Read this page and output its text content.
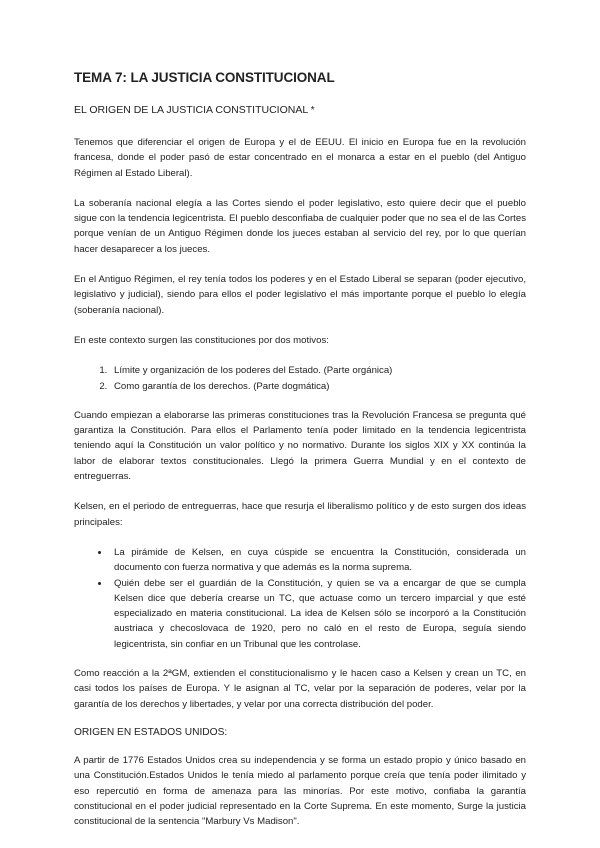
TEMA 7: LA JUSTICIA CONSTITUCIONAL
EL ORIGEN DE LA JUSTICIA CONSTITUCIONAL *

Tenemos que diferenciar el origen de Europa y el de EEUU. El inicio en Europa fue en la revolución francesa, donde el poder pasó de estar concentrado en el monarca a estar en el pueblo (del Antiguo Régimen al Estado Liberal).

La soberanía nacional elegía a las Cortes siendo el poder legislativo, esto quiere decir que el pueblo sigue con la tendencia legicentrista. El pueblo desconfiaba de cualquier poder que no sea el de las Cortes porque venían de un Antiguo Régimen donde los jueces estaban al servicio del rey, por lo que querían hacer desaparecer a los jueces.

En el Antiguo Régimen, el rey tenía todos los poderes y en el Estado Liberal se separan (poder ejecutivo, legislativo y judicial), siendo para ellos el poder legislativo el más importante porque el pueblo lo elegía (soberanía nacional).

En este contexto surgen las constituciones por dos motivos:

1. Límite y organización de los poderes del Estado. (Parte orgánica)
2. Como garantía de los derechos. (Parte dogmática)

Cuando empiezan a elaborarse las primeras constituciones tras la Revolución Francesa se pregunta qué garantiza la Constitución. Para ellos el Parlamento tenía poder limitado en la tendencia legicentrista teniendo aquí la Constitución un valor político y no normativo. Durante los siglos XIX y XX continúa la labor de elaborar textos constitucionales. Llegó la primera Guerra Mundial y en el contexto de entreguerras.

Kelsen, en el periodo de entreguerras, hace que resurja el liberalismo político y de esto surgen dos ideas principales:

• La pirámide de Kelsen, en cuya cúspide se encuentra la Constitución, considerada un documento con fuerza normativa y que además es la norma suprema.
• Quién debe ser el guardián de la Constitución, y quien se va a encargar de que se cumpla Kelsen dice que debería crearse un TC, que actuase como un tercero imparcial y que esté especializado en materia constitucional. La idea de Kelsen sólo se incorporó a la Constitución austriaca y checoslovaca de 1920, pero no caló en el resto de Europa, seguía siendo legicentrista, sin confiar en un Tribunal que les controlase.

Como reacción a la 2ªGM, extienden el constitucionalismo y le hacen caso a Kelsen y crean un TC, en casi todos los países de Europa. Y le asignan al TC, velar por la separación de poderes, velar por la garantía de los derechos y libertades, y velar por una correcta distribución del poder.

ORIGEN EN ESTADOS UNIDOS:

A partir de 1776 Estados Unidos crea su independencia y se forma un estado propio y único basado en una Constitución.Estados Unidos le tenía miedo al parlamento porque creía que tenía poder ilimitado y eso repercutió en forma de amenaza para las minorías. Por este motivo, confiaba la garantía constitucional en el poder judicial representado en la Corte Suprema. En este momento, Surge la justicia constitucional de la sentencia "Marbury Vs Madison".
